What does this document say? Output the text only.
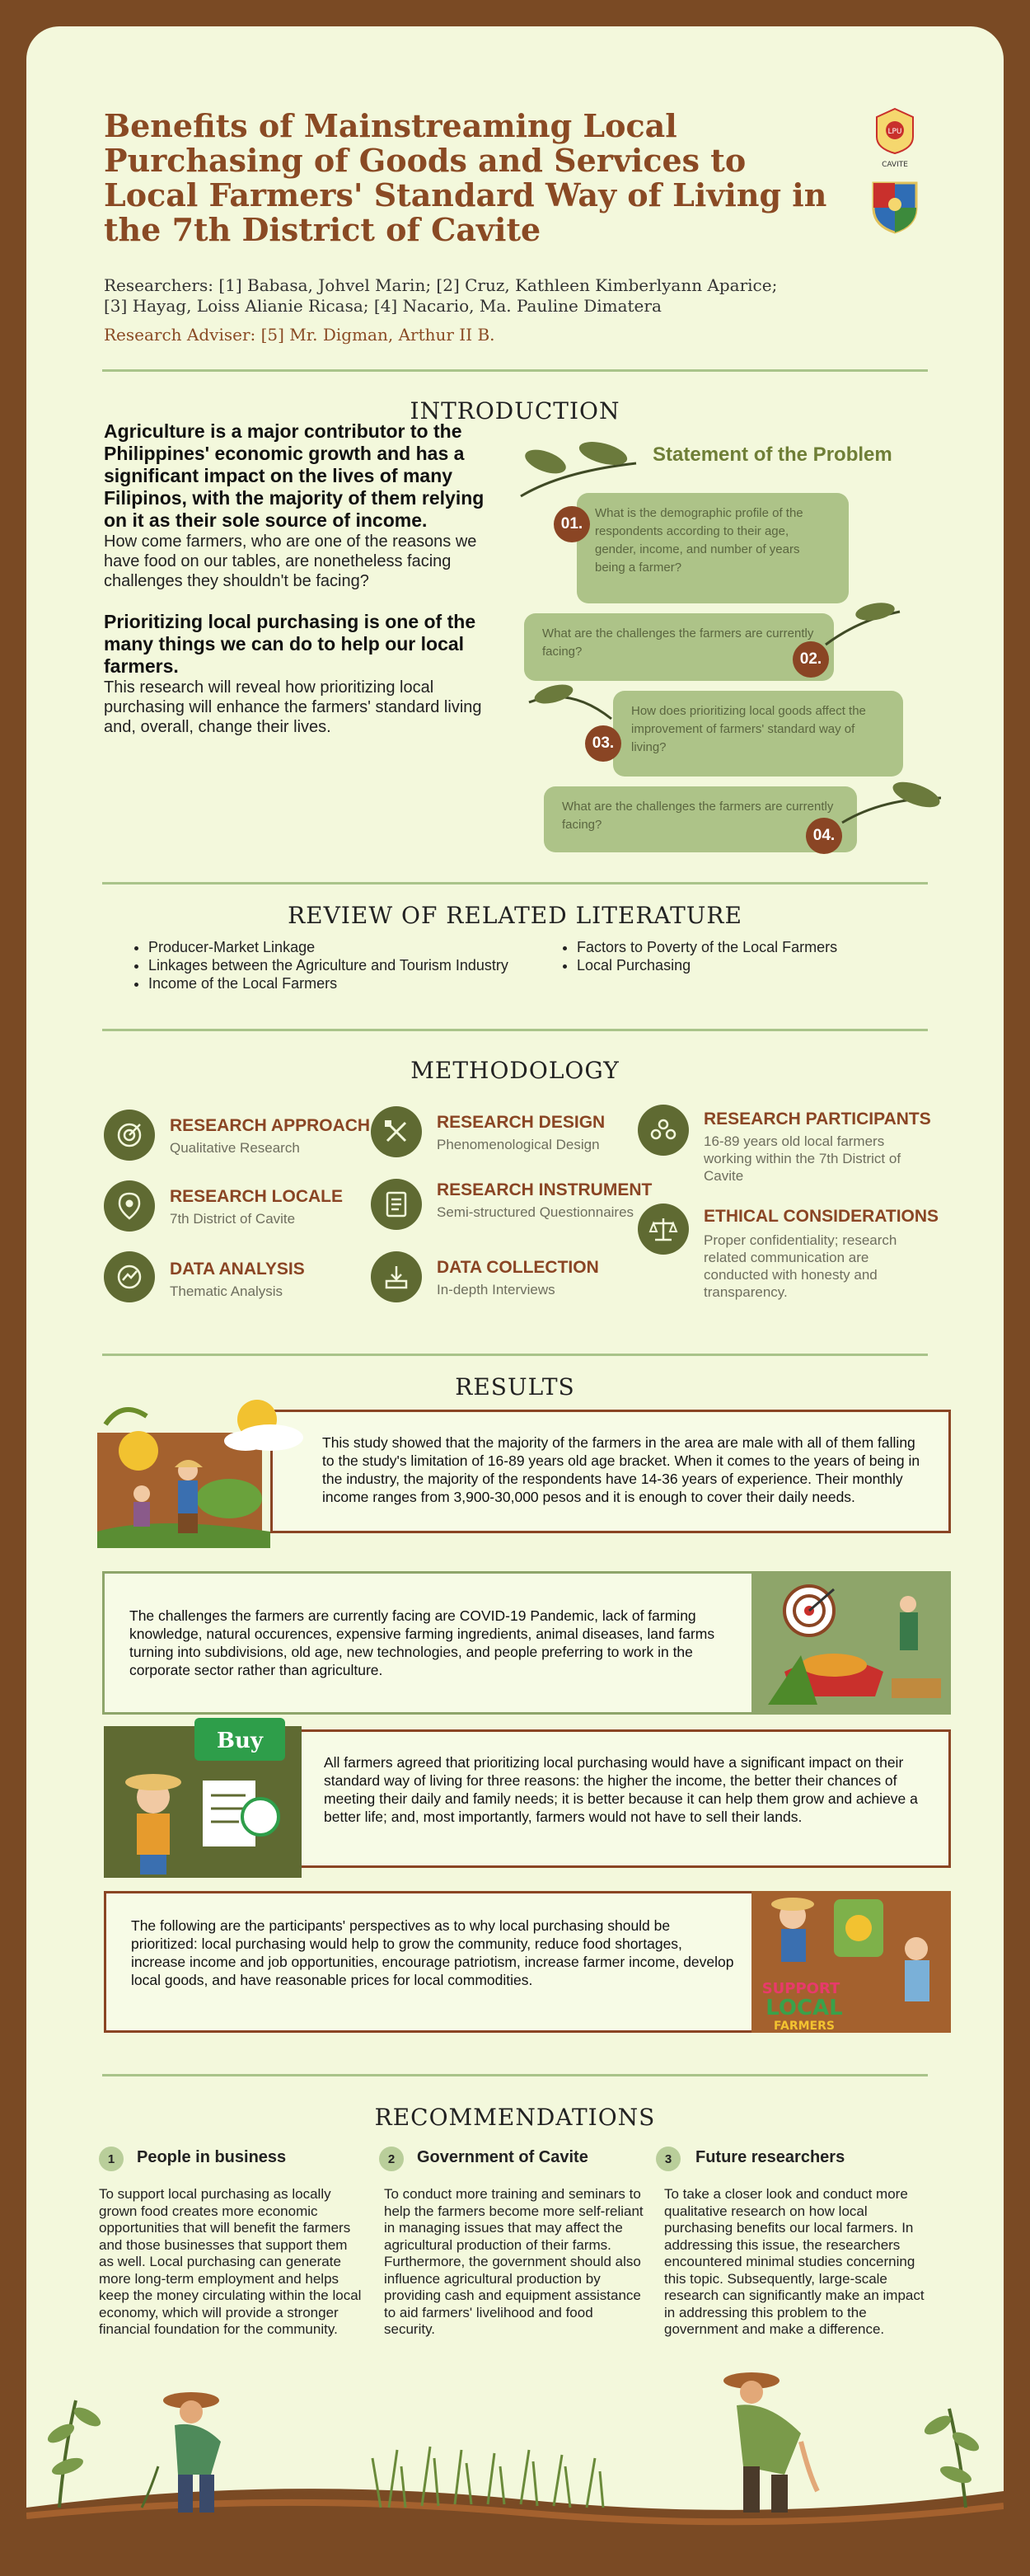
Benefits of Mainstreaming Local Purchasing of Goods and Services to Local Farmers' Standard Way of Living in the 7th District of Cavite
Researchers: [1] Babasa, Johvel Marin; [2] Cruz, Kathleen Kimberlyann Aparice;
[3] Hayag, Loiss Alianie Ricasa; [4] Nacario, Ma. Pauline Dimatera
Research Adviser: [5] Mr. Digman, Arthur II B.
LPU
CAVITE
INTRODUCTION

Agriculture is a major contributor to the Philippines' economic growth and has a significant impact on the lives of many Filipinos, with the majority of them relying on it as their sole source of income.

How come farmers, who are one of the reasons we have food on our tables, are nonetheless facing challenges they shouldn't be facing?

Prioritizing local purchasing is one of the many things we can do to help our local farmers.

This research will reveal how prioritizing local purchasing will enhance the farmers' standard living and, overall, change their lives.

Statement of the Problem
What is the demographic profile of the respondents according to their age, gender, income, and number of years being a farmer?
01.
What are the challenges the farmers are currently facing?	02.
How does prioritizing local goods affect the improvement of farmers' standard way of living?
03.
What are the challenges the farmers are currently facing?
04.
REVIEW OF RELATED LITERATURE
• Producer-Market Linkage
• Linkages between the Agriculture and Tourism Industry
• Income of the Local Farmers
• Factors to Poverty of the Local Farmers
• Local Purchasing
METHODOLOGY
RESEARCH APPROACH
Qualitative Research
RESEARCH LOCALE
7th District of Cavite
DATA ANALYSIS
Thematic Analysis
RESEARCH DESIGN
Phenomenological Design
RESEARCH INSTRUMENT
Semi-structured Questionnaires
DATA COLLECTION
In-depth Interviews
RESEARCH PARTICIPANTS
16-89 years old local farmers working within the 7th District of Cavite
ETHICAL CONSIDERATIONS
Proper confidentiality; research related communication are conducted with honesty and transparency.
RESULTS
This study showed that the majority of the farmers in the area are male with all of them falling to the study's limitation of 16-89 years old age bracket. When it comes to the years of being in the industry, the majority of the respondents have 14-36 years of experience. Their monthly income ranges from 3,900-30,000 pesos and it is enough to cover their daily needs.
The challenges the farmers are currently facing are COVID-19 Pandemic, lack of farming knowledge, natural occurences, expensive farming ingredients, animal diseases, land farms turning into subdivisions, old age, new technologies, and people preferring to work in the corporate sector rather than agriculture.
All farmers agreed that prioritizing local purchasing would have a significant impact on their standard way of living for three reasons: the higher the income, the better their chances of meeting their daily and family needs; it is better because it can help them grow and achieve a better life; and, most importantly, farmers would not have to sell their lands.
Buy
The following are the participants' perspectives as to why local purchasing should be prioritized: local purchasing would help to grow the community, reduce food shortages, increase income and job opportunities, encourage patriotism, increase farmer income, develop local goods, and have reasonable prices for local commodities.	SUPPORT
LOCAL
FARMERS
RECOMMENDATIONS
1	People in business
To support local purchasing as locally grown food creates more economic opportunities that will benefit the farmers and those businesses that support them as well. Local purchasing can generate more long-term employment and helps keep the money circulating within the local economy, which will provide a stronger financial foundation for the community.
2	Government of Cavite
To conduct more training and seminars to help the farmers become more self-reliant in managing issues that may affect the agricultural production of their farms. Furthermore, the government should also influence agricultural production by providing cash and equipment assistance to aid farmers' livelihood and food security.
3	Future researchers
To take a closer look and conduct more qualitative research on how local purchasing benefits our local farmers. In addressing this issue, the researchers encountered minimal studies concerning this topic. Subsequently, large-scale research can significantly make an impact in addressing this problem to the government and make a difference.
